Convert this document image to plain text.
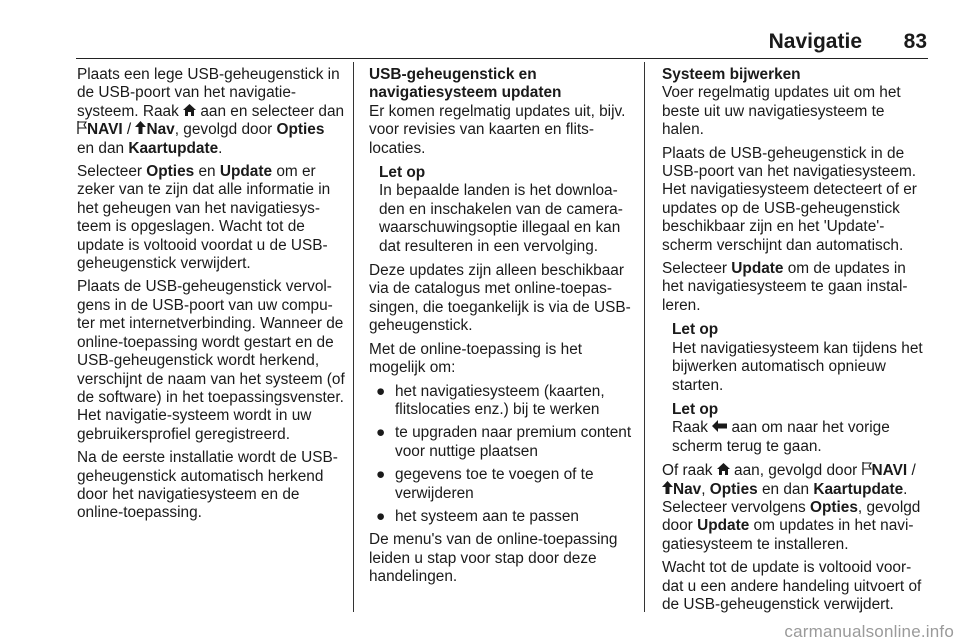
Navigatie 83

Plaats een lege USB-geheugenstick in de USB-poort van het navigatie-systeem. Raak  aan en selecteer dan NAVI / Nav, gevolgd door Opties en dan Kaartupdate.

Selecteer Opties en Update om er zeker van te zijn dat alle informatie in het geheugen van het navigatiesys-teem is opgeslagen. Wacht tot de update is voltooid voordat u de USB-geheugenstick verwijdert.

Plaats de USB-geheugenstick vervol-gens in de USB-poort van uw compu-ter met internetverbinding. Wanneer de online-toepassing wordt gestart en de USB-geheugenstick wordt herkend, verschijnt de naam van het systeem (of de software) in het toepassingsvenster. Het navigatie-systeem wordt in uw gebruikersprofiel geregistreerd.

Na de eerste installatie wordt de USB-geheugenstick automatisch herkend door het navigatiesysteem en de online-toepassing.

USB-geheugenstick en navigatiesysteem updaten

Er komen regelmatig updates uit, bijv. voor revisies van kaarten en flits-locaties.

Let op
In bepaalde landen is het downloa-den en inschakelen van de camera-waarschuwingsoptie illegaal en kan dat resulteren in een vervolging.

Deze updates zijn alleen beschikbaar via de catalogus met online-toepas-singen, die toegankelijk is via de USB-geheugenstick.

Met de online-toepassing is het mogelijk om:

● het navigatiesysteem (kaarten, flitslocaties enz.) bij te werken
● te upgraden naar premium content voor nuttige plaatsen
● gegevens toe te voegen of te verwijderen
● het systeem aan te passen

De menu's van de online-toepassing leiden u stap voor stap door deze handelingen.

Systeem bijwerken

Voer regelmatig updates uit om het beste uit uw navigatiesysteem te halen.

Plaats de USB-geheugenstick in de USB-poort van het navigatiesysteem. Het navigatiesysteem detecteert of er updates op de USB-geheugenstick beschikbaar zijn en het 'Update'-scherm verschijnt dan automatisch.

Selecteer Update om de updates in het navigatiesysteem te gaan instal-leren.

Let op
Het navigatiesysteem kan tijdens het bijwerken automatisch opnieuw starten.
Let op
Raak  aan om naar het vorige scherm terug te gaan.

Of raak  aan, gevolgd door NAVI / Nav, Opties en dan Kaartupdate. Selecteer vervolgens Opties, gevolgd door Update om updates in het navi-gatiesysteem te installeren.

Wacht tot de update is voltooid voor-dat u een andere handeling uitvoert of de USB-geheugenstick verwijdert.

carmanualsonline.info
